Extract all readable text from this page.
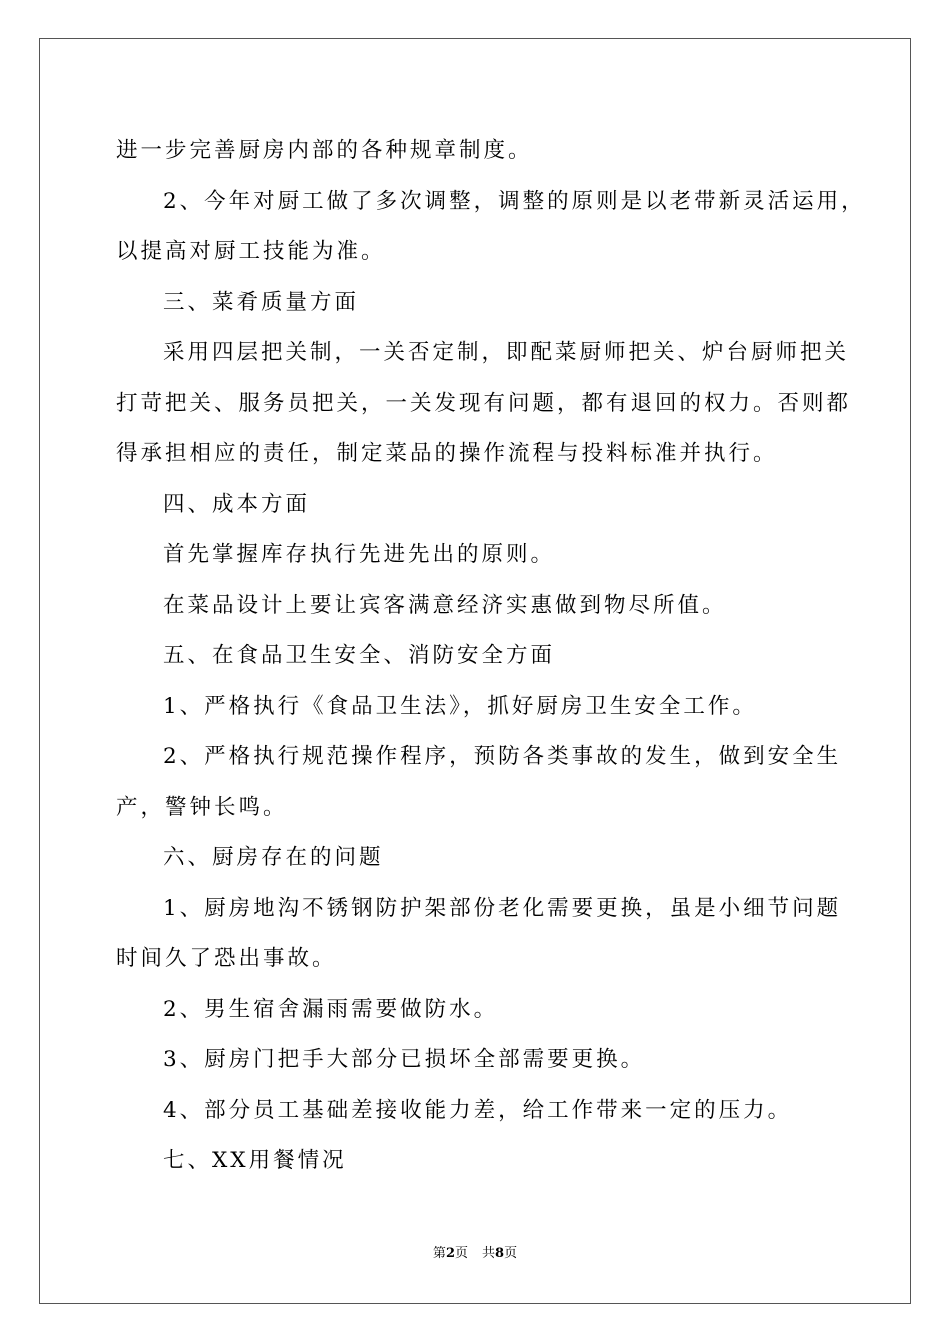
进一步完善厨房内部的各种规章制度。
2、今年对厨工做了多次调整，调整的原则是以老带新灵活运用，
以提高对厨工技能为准。
三、菜肴质量方面
采用四层把关制，一关否定制，即配菜厨师把关、炉台厨师把关
打苛把关、服务员把关，一关发现有问题，都有退回的权力。否则都
得承担相应的责任，制定菜品的操作流程与投料标准并执行。
四、成本方面
首先掌握库存执行先进先出的原则。
在菜品设计上要让宾客满意经济实惠做到物尽所值。
五、在食品卫生安全、消防安全方面
1、严格执行《食品卫生法》，抓好厨房卫生安全工作。
2、严格执行规范操作程序，预防各类事故的发生，做到安全生
产，警钟长鸣。
六、厨房存在的问题
1、厨房地沟不锈钢防护架部份老化需要更换，虽是小细节问题
时间久了恐出事故。
2、男生宿舍漏雨需要做防水。
3、厨房门把手大部分已损坏全部需要更换。
4、部分员工基础差接收能力差，给工作带来一定的压力。
七、XX用餐情况
第2页 共8页
